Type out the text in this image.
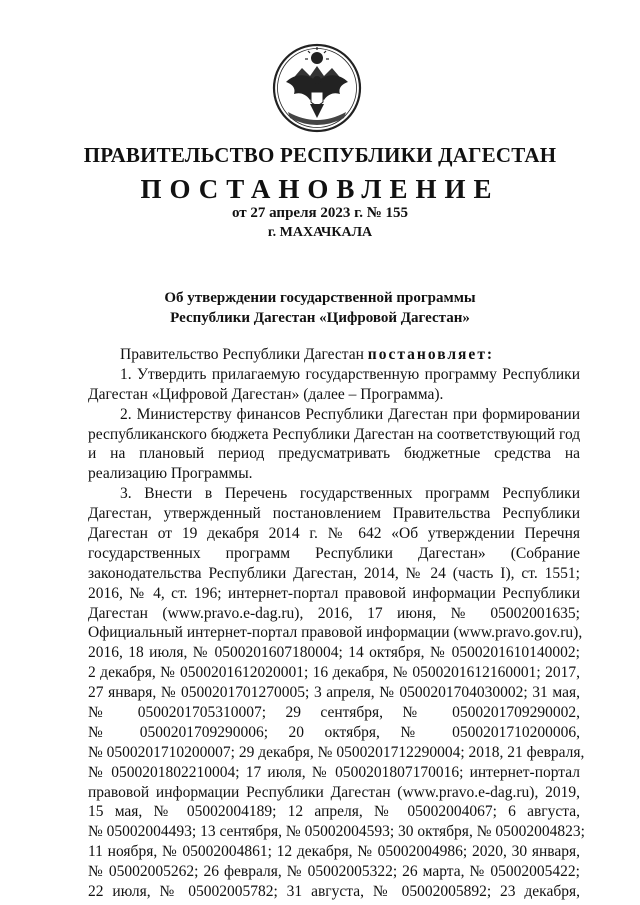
ПРАВИТЕЛЬСТВО РЕСПУБЛИКИ ДАГЕСТАН
ПОСТАНОВЛЕНИЕ
от 27 апреля 2023 г. № 155
г. МАХАЧКАЛА
Об утверждении государственной программы
Республики Дагестан «Цифровой Дагестан»
Правительство Республики Дагестан постановляет:
1. Утвердить прилагаемую государственную программу Республики
Дагестан «Цифровой Дагестан» (далее – Программа).
2. Министерству финансов Республики Дагестан при формировании
республиканского бюджета Республики Дагестан на соответствующий год
и на плановый период предусматривать бюджетные средства на
реализацию Программы.
3. Внести в Перечень государственных программ Республики
Дагестан, утвержденный постановлением Правительства Республики
Дагестан от 19 декабря 2014 г. № 642 «Об утверждении Перечня
государственных программ Республики Дагестан» (Собрание
законодательства Республики Дагестан, 2014, № 24 (часть I), ст. 1551;
2016, № 4, ст. 196; интернет-портал правовой информации Республики
Дагестан (www.pravo.e-dag.ru), 2016, 17 июня, № 05002001635;
Официальный интернет-портал правовой информации (www.pravo.gov.ru),
2016, 18 июля, № 0500201607180004; 14 октября, № 0500201610140002;
2 декабря, № 0500201612020001; 16 декабря, № 0500201612160001; 2017,
27 января, № 0500201701270005; 3 апреля, № 0500201704030002; 31 мая,
№ 0500201705310007; 29 сентября, № 0500201709290002,
№ 0500201709290006; 20 октября, № 0500201710200006,
№ 0500201710200007; 29 декабря, № 0500201712290004; 2018, 21 февраля,
№ 0500201802210004; 17 июля, № 0500201807170016; интернет-портал
правовой информации Республики Дагестан (www.pravo.e-dag.ru), 2019,
15 мая, № 05002004189; 12 апреля, № 05002004067; 6 августа,
№ 05002004493; 13 сентября, № 05002004593; 30 октября, № 05002004823;
11 ноября, № 05002004861; 12 декабря, № 05002004986; 2020, 30 января,
№ 05002005262; 26 февраля, № 05002005322; 26 марта, № 05002005422;
22 июля, № 05002005782; 31 августа, № 05002005892; 23 декабря,
